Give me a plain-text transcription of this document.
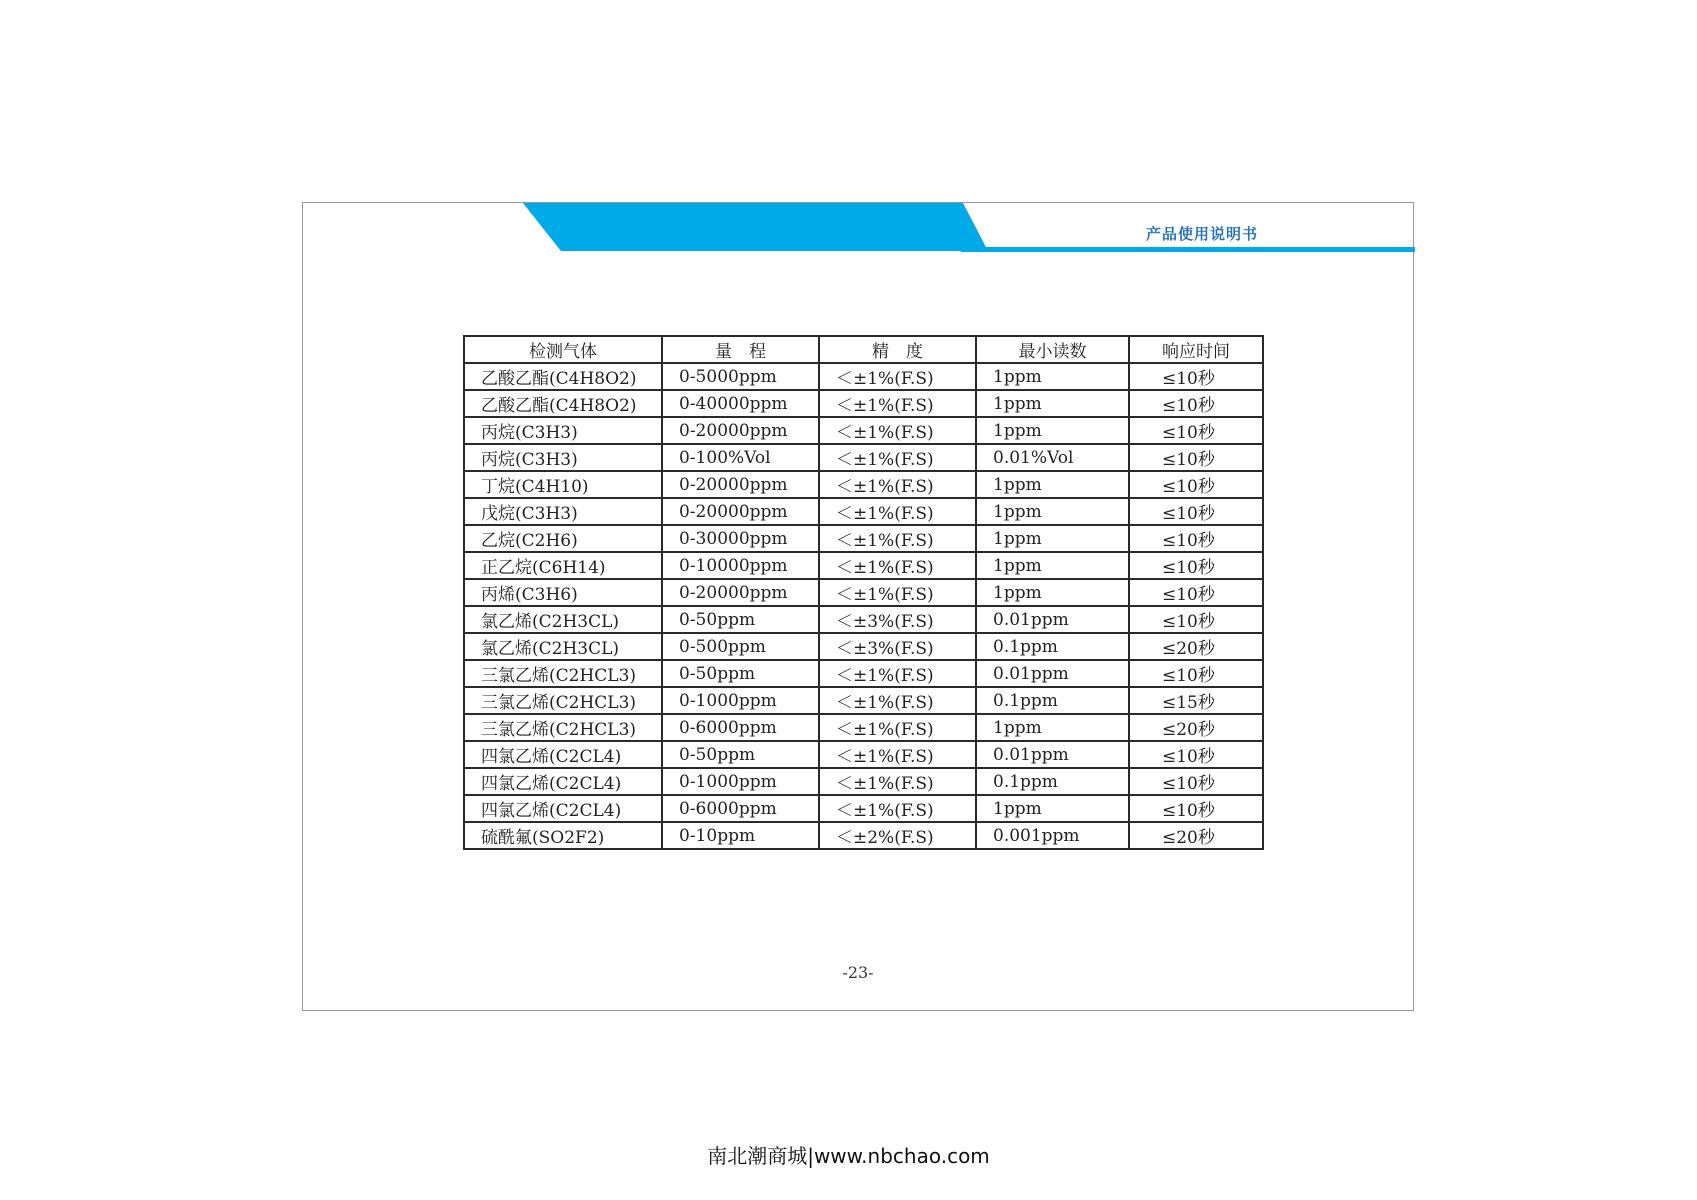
产品使用说明书
检测气体	量　程	精　度	最小读数	响应时间
乙酸乙酯(C4H8O2)	0-5000ppm	＜±1%(F.S)	1ppm	≤10秒
乙酸乙酯(C4H8O2)	0-40000ppm	＜±1%(F.S)	1ppm	≤10秒
丙烷(C3H3)	0-20000ppm	＜±1%(F.S)	1ppm	≤10秒
丙烷(C3H3)	0-100%Vol	＜±1%(F.S)	0.01%Vol	≤10秒
丁烷(C4H10)	0-20000ppm	＜±1%(F.S)	1ppm	≤10秒
戊烷(C3H3)	0-20000ppm	＜±1%(F.S)	1ppm	≤10秒
乙烷(C2H6)	0-30000ppm	＜±1%(F.S)	1ppm	≤10秒
正乙烷(C6H14)	0-10000ppm	＜±1%(F.S)	1ppm	≤10秒
丙烯(C3H6)	0-20000ppm	＜±1%(F.S)	1ppm	≤10秒
氯乙烯(C2H3CL)	0-50ppm	＜±3%(F.S)	0.01ppm	≤10秒
氯乙烯(C2H3CL)	0-500ppm	＜±3%(F.S)	0.1ppm	≤20秒
三氯乙烯(C2HCL3)	0-50ppm	＜±1%(F.S)	0.01ppm	≤10秒
三氯乙烯(C2HCL3)	0-1000ppm	＜±1%(F.S)	0.1ppm	≤15秒
三氯乙烯(C2HCL3)	0-6000ppm	＜±1%(F.S)	1ppm	≤20秒
四氯乙烯(C2CL4)	0-50ppm	＜±1%(F.S)	0.01ppm	≤10秒
四氯乙烯(C2CL4)	0-1000ppm	＜±1%(F.S)	0.1ppm	≤10秒
四氯乙烯(C2CL4)	0-6000ppm	＜±1%(F.S)	1ppm	≤10秒
硫酰氟(SO2F2)	0-10ppm	＜±2%(F.S)	0.001ppm	≤20秒
-23-
南北潮商城|www.nbchao.com
